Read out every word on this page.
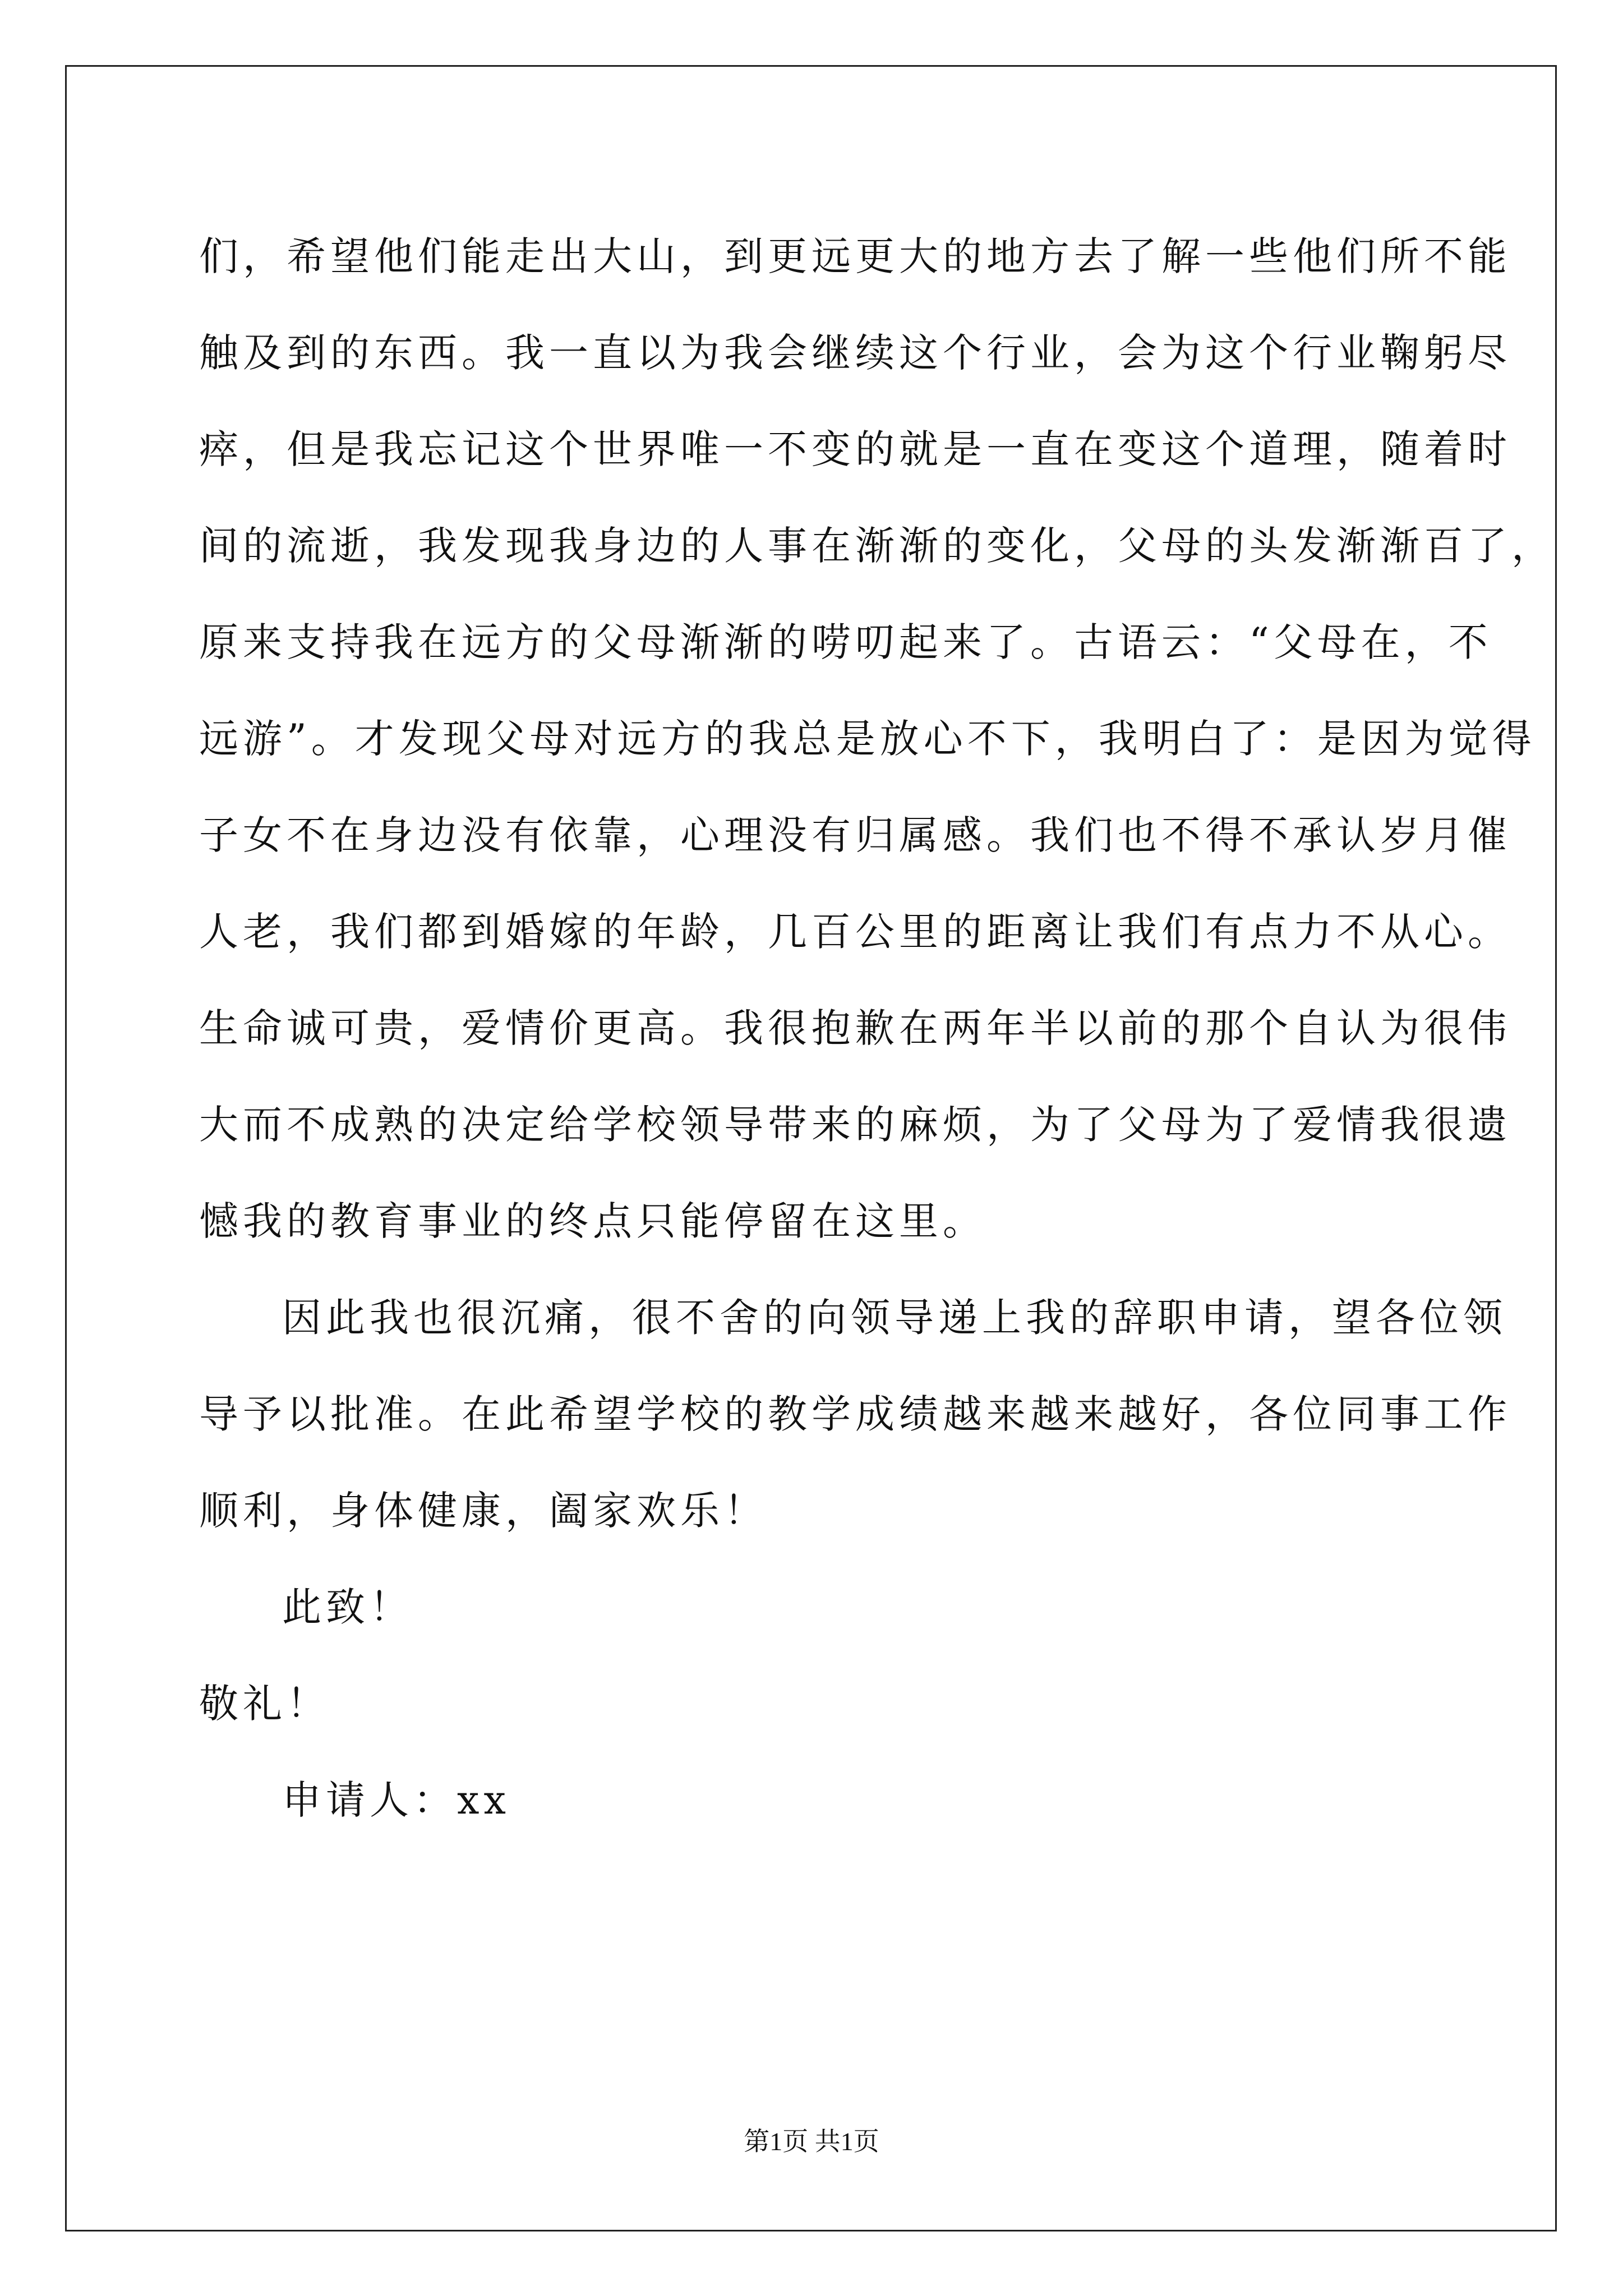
们，希望他们能走出大山，到更远更大的地方去了解一些他们所不能
触及到的东西。我一直以为我会继续这个行业，会为这个行业鞠躬尽
瘁，但是我忘记这个世界唯一不变的就是一直在变这个道理，随着时
间的流逝，我发现我身边的人事在渐渐的变化，父母的头发渐渐百了，
原来支持我在远方的父母渐渐的唠叨起来了。古语云：“父母在，不
远游”。才发现父母对远方的我总是放心不下，我明白了：是因为觉得
子女不在身边没有依靠，心理没有归属感。我们也不得不承认岁月催
人老，我们都到婚嫁的年龄，几百公里的距离让我们有点力不从心。
生命诚可贵，爱情价更高。我很抱歉在两年半以前的那个自认为很伟
大而不成熟的决定给学校领导带来的麻烦，为了父母为了爱情我很遗
憾我的教育事业的终点只能停留在这里。
因此我也很沉痛，很不舍的向领导递上我的辞职申请，望各位领
导予以批准。在此希望学校的教学成绩越来越来越好，各位同事工作
顺利，身体健康，阖家欢乐！
此致！
敬礼！
申请人：xx
第1页 共1页
